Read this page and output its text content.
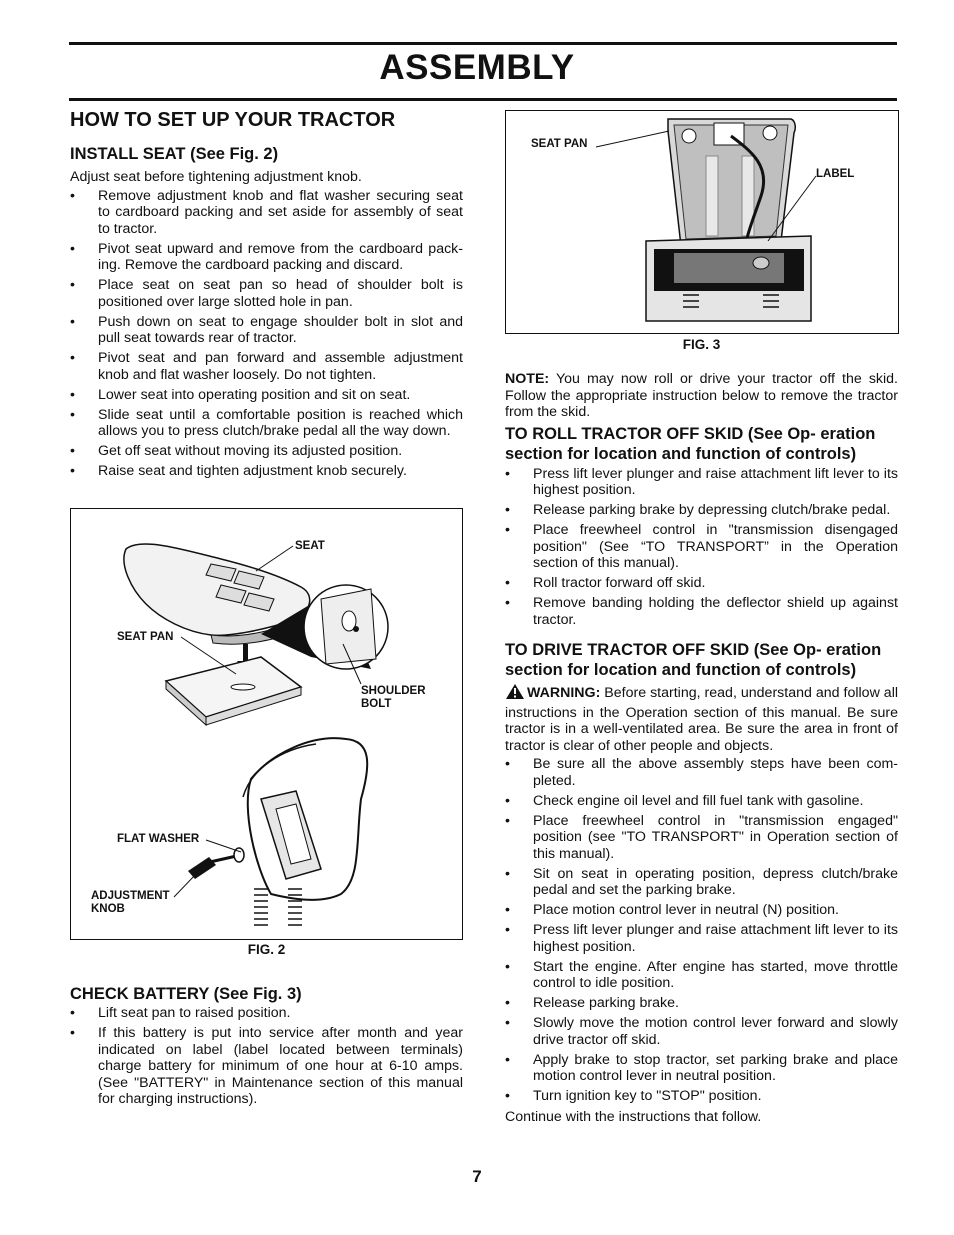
ASSEMBLY
HOW TO SET UP YOUR TRACTOR
INSTALL SEAT (See Fig. 2)

Adjust seat before tightening adjustment knob.

• Remove adjustment knob and flat washer securing seat to cardboard packing and set aside for assembly of seat to tractor.
• Pivot seat upward and remove from the cardboard pack- ing. Remove the cardboard packing and discard.
• Place seat on seat pan so head of shoulder bolt is positioned over large slotted hole in pan.
• Push down on seat to engage shoulder bolt in slot and pull seat towards rear of tractor.
• Pivot seat and pan forward and assemble adjustment knob and flat washer loosely. Do not tighten.
• Lower seat into operating position and sit on seat.
• Slide seat until a comfortable position is reached which allows you to press clutch/brake pedal all the way down.
• Get off seat without moving its adjusted position.
• Raise seat and tighten adjustment knob securely.
SEAT
SEAT PAN
SHOULDER
BOLT
FLAT WASHER
ADJUSTMENT
KNOB
FIG. 2
CHECK BATTERY (See Fig. 3)
• Lift seat pan to raised position.
• If this battery is put into service after month and year indicated on label (label located between terminals) charge battery for minimum of one hour at 6-10 amps. (See "BATTERY" in Maintenance section of this manual for charging instructions).
SEAT PAN
LABEL
FIG. 3

NOTE: You may now roll or drive your tractor off the skid. Follow the appropriate instruction below to remove the tractor from the skid.

TO ROLL TRACTOR OFF SKID (See Op- eration section for location and function of controls)
• Press lift lever plunger and raise attachment lift lever to its highest position.
• Release parking brake by depressing clutch/brake pedal.
• Place freewheel control in "transmission disengaged position" (See “TO TRANSPORT” in the Operation section of this manual).
• Roll tractor forward off skid.
• Remove banding holding the deflector shield up against tractor.
TO DRIVE TRACTOR OFF SKID (See Op- eration section for location and function of controls)

WARNING: Before starting, read, understand and follow all instructions in the Operation section of this manual. Be sure tractor is in a well-ventilated area. Be sure the area in front of tractor is clear of other people and objects.

• Be sure all the above assembly steps have been com- pleted.
• Check engine oil level and fill fuel tank with gasoline.
• Place freewheel control in "transmission engaged" position (see "TO TRANSPORT" in Operation section of this manual).
• Sit on seat in operating position, depress clutch/brake pedal and set the parking brake.
• Place motion control lever in neutral (N) position.
• Press lift lever plunger and raise attachment lift lever to its highest position.
• Start the engine. After engine has started, move throttle control to idle position.
• Release parking brake.
• Slowly move the motion control lever forward and slowly drive tractor off skid.
• Apply brake to stop tractor, set parking brake and place motion control lever in neutral position.
• Turn ignition key to "STOP" position.

Continue with the instructions that follow.

7
